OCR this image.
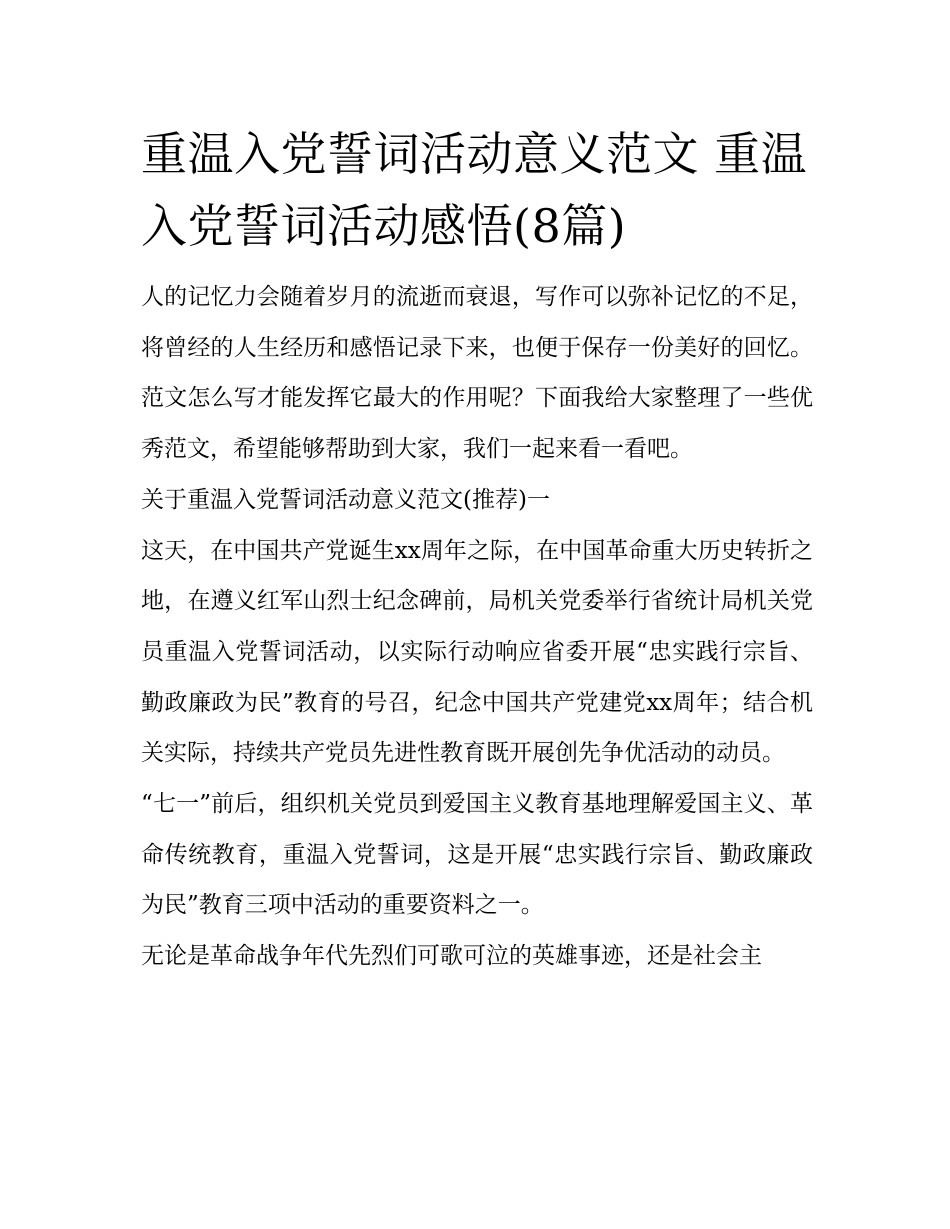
重温入党誓词活动意义范文 重温入党誓词活动感悟(8篇)

人的记忆力会随着岁月的流逝而衰退，写作可以弥补记忆的不足，将曾经的人生经历和感悟记录下来，也便于保存一份美好的回忆。范文怎么写才能发挥它最大的作用呢？下面我给大家整理了一些优秀范文，希望能够帮助到大家，我们一起来看一看吧。

关于重温入党誓词活动意义范文(推荐)一

这天，在中国共产党诞生xx周年之际，在中国革命重大历史转折之地，在遵义红军山烈士纪念碑前，局机关党委举行省统计局机关党员重温入党誓词活动，以实际行动响应省委开展“忠实践行宗旨、勤政廉政为民”教育的号召，纪念中国共产党建党xx周年；结合机关实际，持续共产党员先进性教育既开展创先争优活动的动员。

“七一”前后，组织机关党员到爱国主义教育基地理解爱国主义、革命传统教育，重温入党誓词，这是开展“忠实践行宗旨、勤政廉政为民”教育三项中活动的重要资料之一。

无论是革命战争年代先烈们可歌可泣的英雄事迹，还是社会主
